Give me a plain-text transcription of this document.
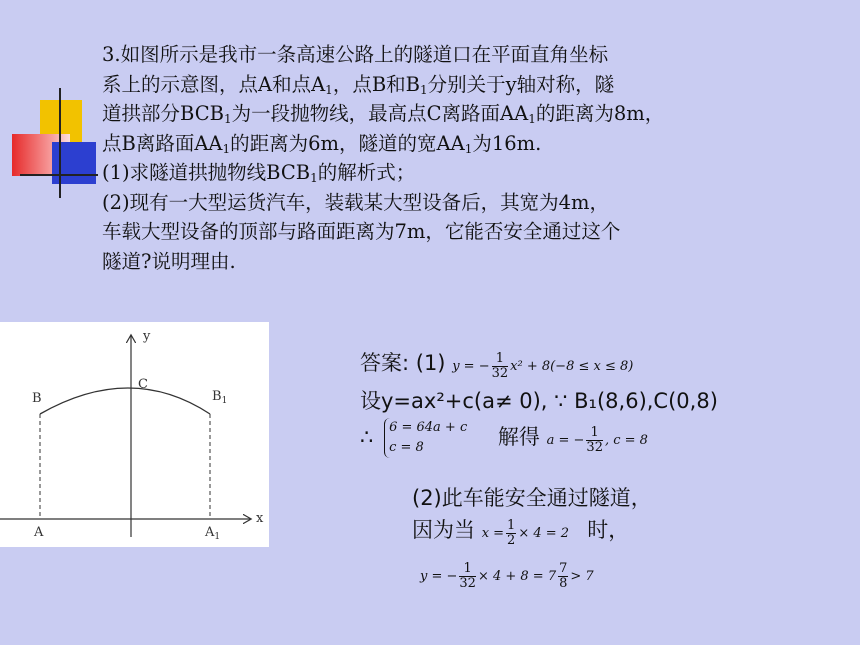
3.如图所示是我市一条高速公路上的隧道口在平面直角坐标

系上的示意图，点A和点$A_1$，点B和$B_1$分别关于y轴对称，隧

道拱部分$BCB_1$为一段抛物线，最高点C离路面$AA_1$的距离为8m，

点B离路面$AA_1$的距离为6m，隧道的宽$AA_1$为16m.

(1)求隧道拱抛物线$BCB_1$的解析式；

(2)现有一大型运货汽车，装载某大型设备后，其宽为4m，

车载大型设备的顶部与路面距离为7m，它能否安全通过这个

隧道?说明理由.

y
x
C
B	$B_1$
A	$A_1$
答案: (1) y = − $\frac{1}{32} x^2 + 8(-8 \le x \le 8)$
设y=ax²+c(a≠ 0), ∵ B₁(8,6),C(0,8)
∴ 6 = 64a + c
c = 8	解得 a = − $\frac{1}{32}$ , c = 8
(2)此车能安全通过隧道，
因为当 $x = \frac{1}{2} \times 4 = 2$ 时，
y = − $\frac{1}{32} \times 4 + 8 = 7 \frac{7}{8} > 7$
